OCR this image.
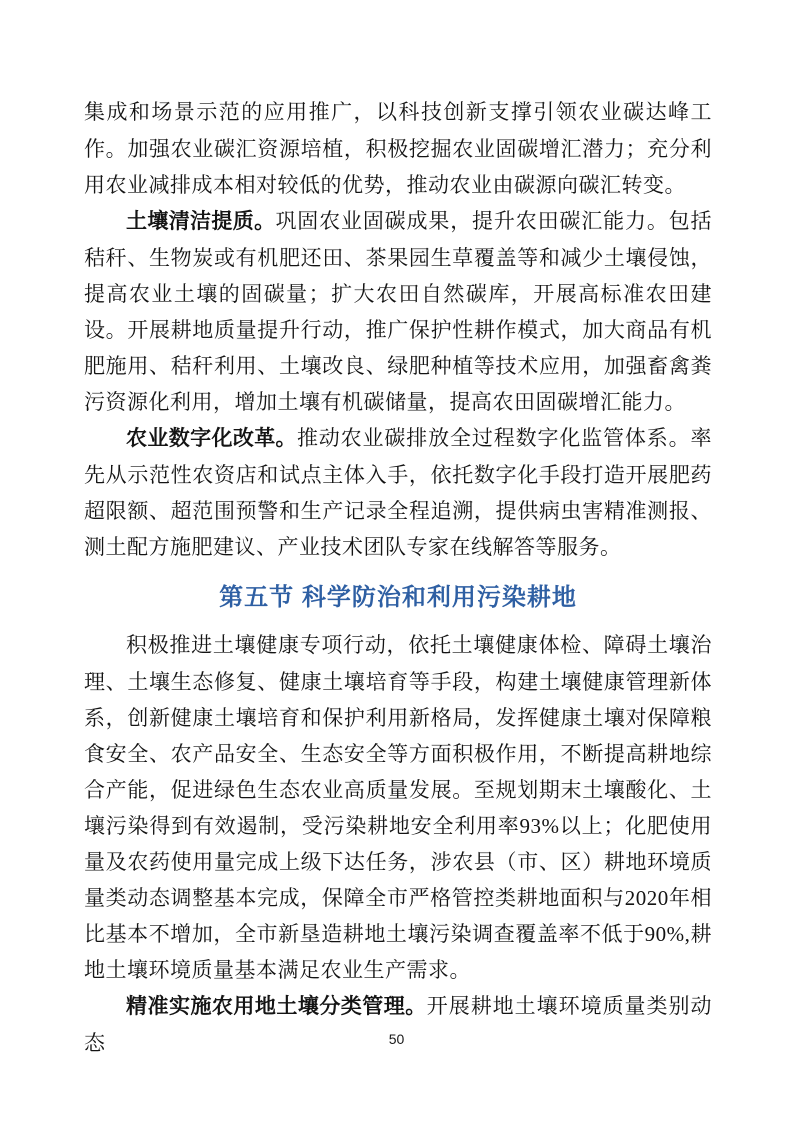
集成和场景示范的应用推广，以科技创新支撑引领农业碳达峰工作。加强农业碳汇资源培植，积极挖掘农业固碳增汇潜力；充分利用农业减排成本相对较低的优势，推动农业由碳源向碳汇转变。

土壤清洁提质。巩固农业固碳成果，提升农田碳汇能力。包括秸秆、生物炭或有机肥还田、茶果园生草覆盖等和减少土壤侵蚀，提高农业土壤的固碳量；扩大农田自然碳库，开展高标准农田建设。开展耕地质量提升行动，推广保护性耕作模式，加大商品有机肥施用、秸秆利用、土壤改良、绿肥种植等技术应用，加强畜禽粪污资源化利用，增加土壤有机碳储量，提高农田固碳增汇能力。

农业数字化改革。推动农业碳排放全过程数字化监管体系。率先从示范性农资店和试点主体入手，依托数字化手段打造开展肥药超限额、超范围预警和生产记录全程追溯，提供病虫害精准测报、测土配方施肥建议、产业技术团队专家在线解答等服务。

第五节 科学防治和利用污染耕地

积极推进土壤健康专项行动，依托土壤健康体检、障碍土壤治理、土壤生态修复、健康土壤培育等手段，构建土壤健康管理新体系，创新健康土壤培育和保护利用新格局，发挥健康土壤对保障粮食安全、农产品安全、生态安全等方面积极作用，不断提高耕地综合产能，促进绿色生态农业高质量发展。至规划期末土壤酸化、土壤污染得到有效遏制，受污染耕地安全利用率93%以上；化肥使用量及农药使用量完成上级下达任务，涉农县（市、区）耕地环境质量类动态调整基本完成，保障全市严格管控类耕地面积与2020年相比基本不增加，全市新垦造耕地土壤污染调查覆盖率不低于90%,耕地土壤环境质量基本满足农业生产需求。

精准实施农用地土壤分类管理。开展耕地土壤环境质量类别动态	50
